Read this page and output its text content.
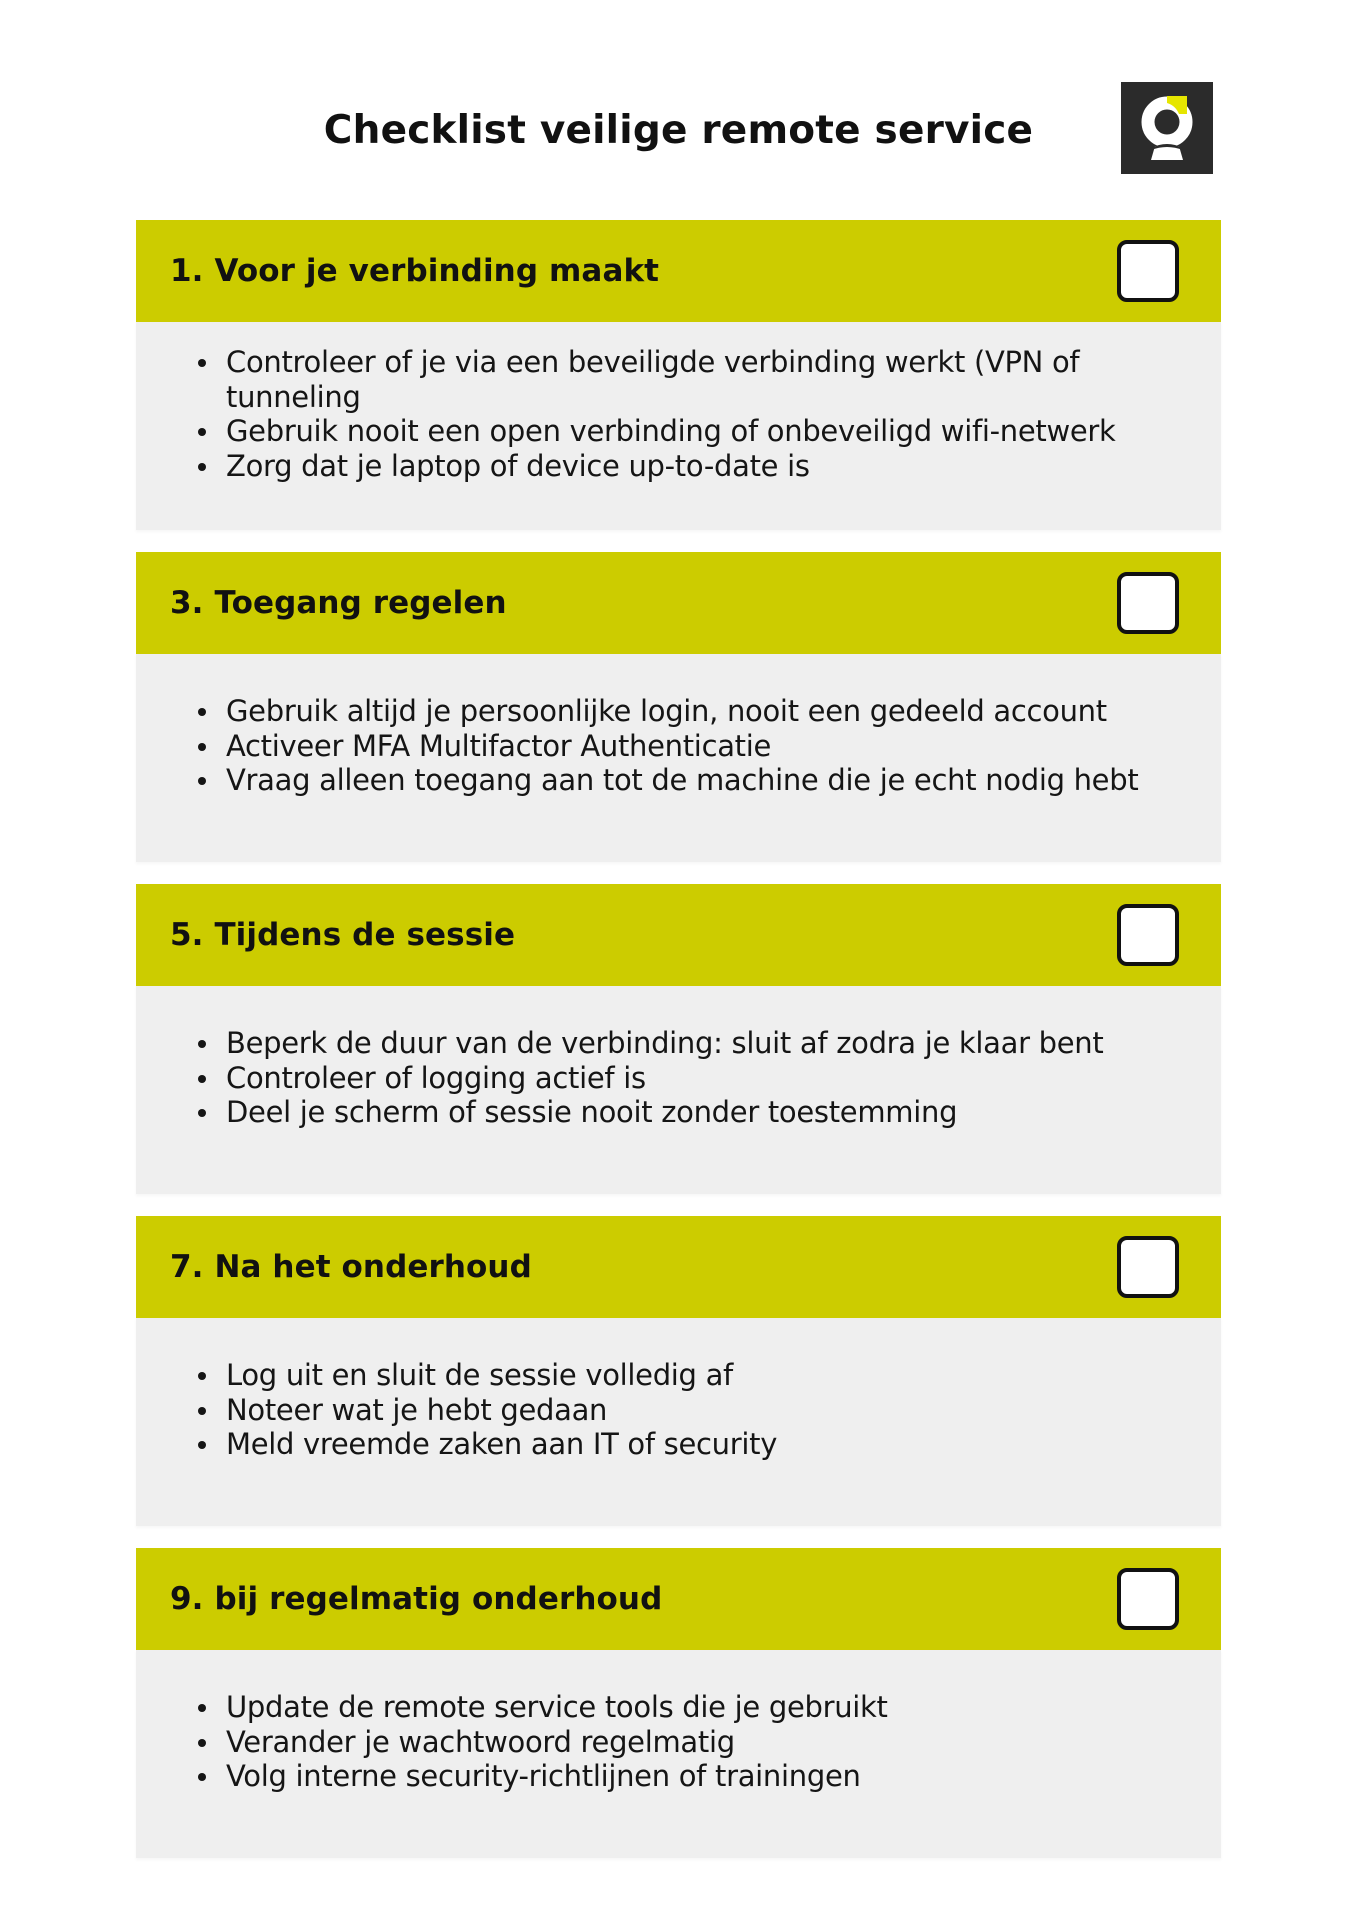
Checklist veilige remote service
1. Voor je verbinding maakt
Controleer of je via een beveiligde verbinding werkt (VPN of tunneling
Gebruik nooit een open verbinding of onbeveiligd wifi-netwerk
Zorg dat je laptop of device up-to-date is
3. Toegang regelen
Gebruik altijd je persoonlijke login, nooit een gedeeld account
Activeer MFA Multifactor Authenticatie
Vraag alleen toegang aan tot de machine die je echt nodig hebt
5. Tijdens de sessie
Beperk de duur van de verbinding: sluit af zodra je klaar bent
Controleer of logging actief is
Deel je scherm of sessie nooit zonder toestemming
7. Na het onderhoud
Log uit en sluit de sessie volledig af
Noteer wat je hebt gedaan
Meld vreemde zaken aan IT of security
9. bij regelmatig onderhoud
Update de remote service tools die je gebruikt
Verander je wachtwoord regelmatig
Volg interne security-richtlijnen of trainingen
